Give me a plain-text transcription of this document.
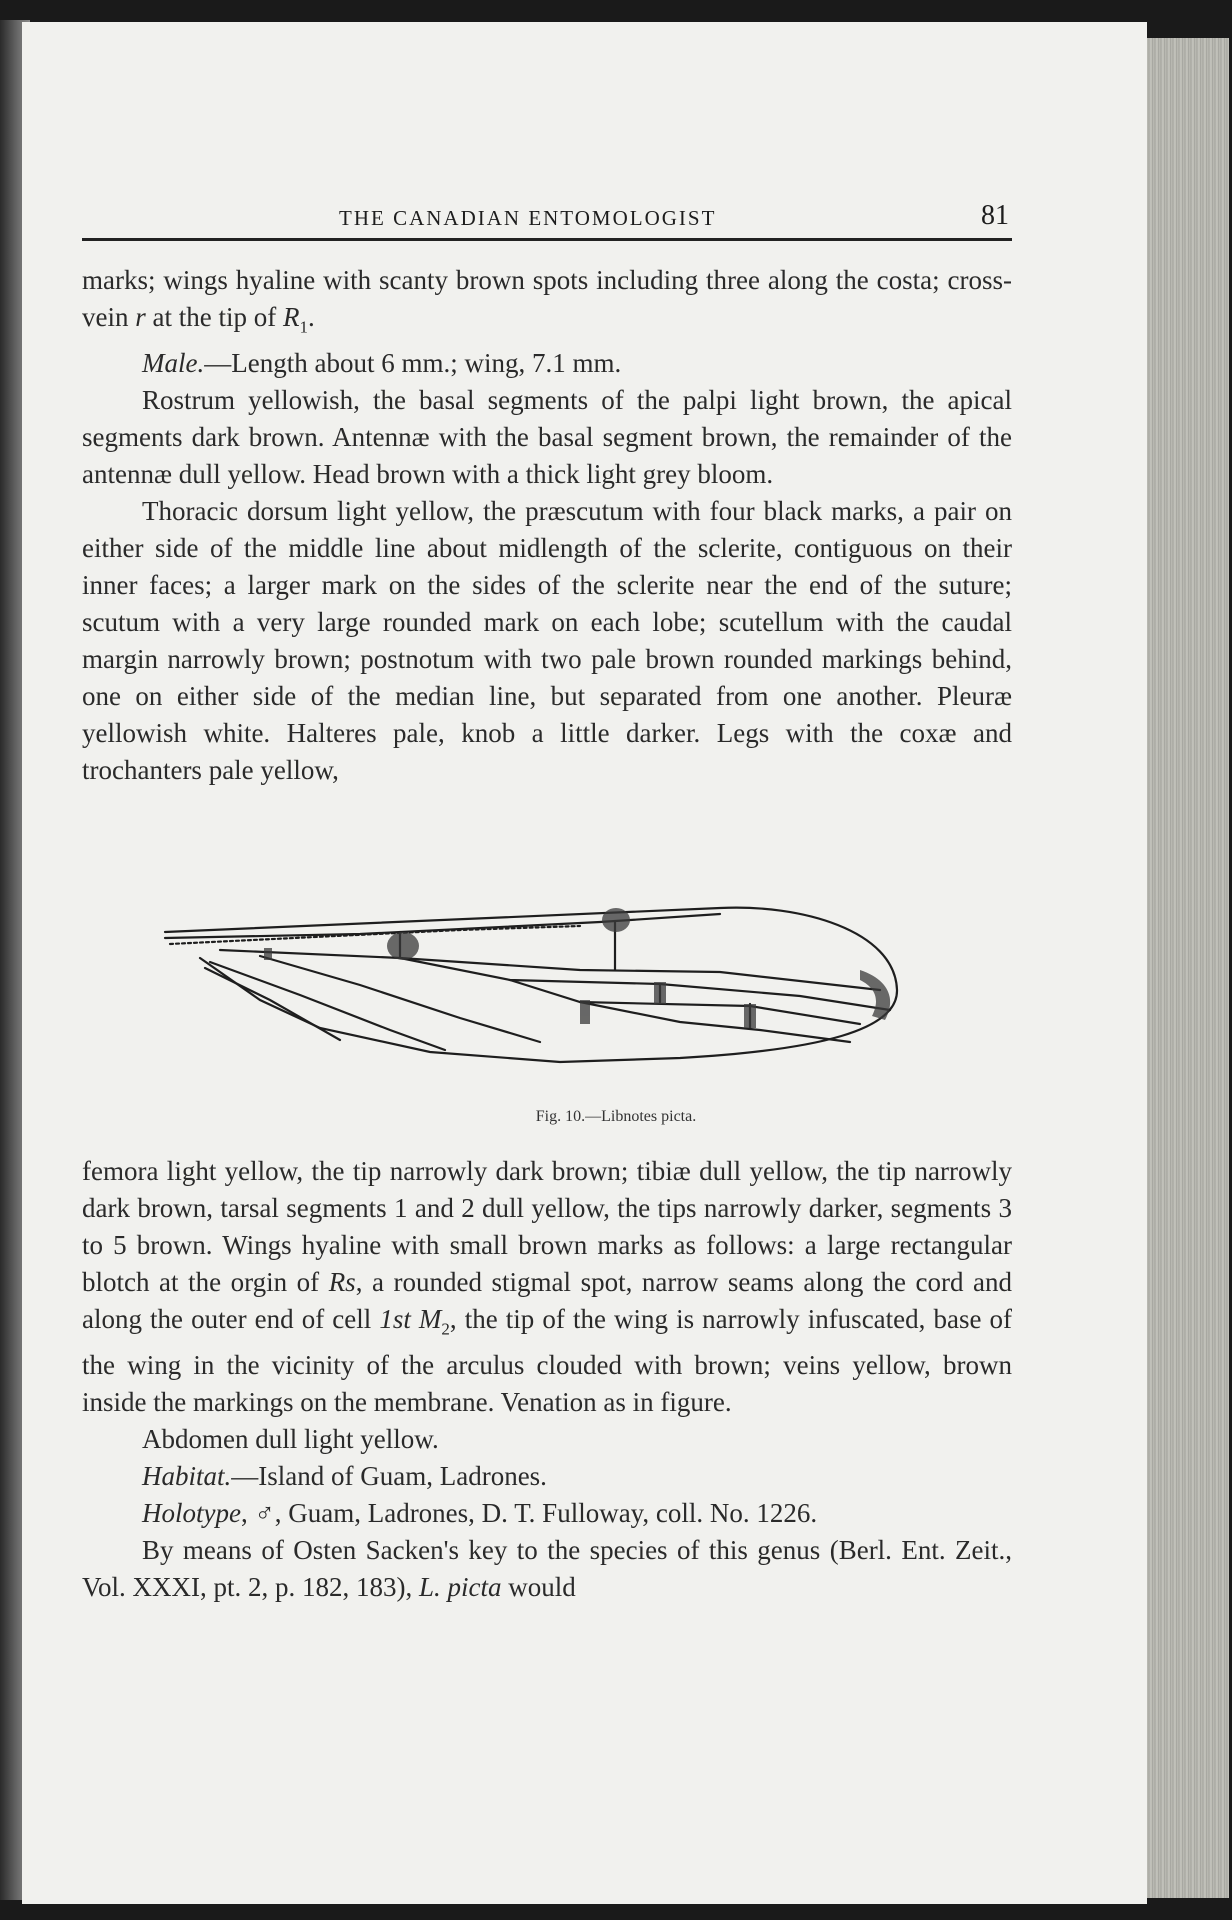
THE CANADIAN ENTOMOLOGIST	81

marks; wings hyaline with scanty brown spots including three along the costa; cross-vein r at the tip of $R_1$.

Male.—Length about 6 mm.; wing, 7.1 mm.

Rostrum yellowish, the basal segments of the palpi light brown, the apical segments dark brown. Antennæ with the basal segment brown, the remainder of the antennæ dull yellow. Head brown with a thick light grey bloom.

Thoracic dorsum light yellow, the præscutum with four black marks, a pair on either side of the middle line about midlength of the sclerite, contiguous on their inner faces; a larger mark on the sides of the sclerite near the end of the suture; scutum with a very large rounded mark on each lobe; scutellum with the caudal margin narrowly brown; postnotum with two pale brown rounded markings behind, one on either side of the median line, but separated from one another. Pleuræ yellowish white. Halteres pale, knob a little darker. Legs with the coxæ and trochanters pale yellow,

Fig. 10.—Libnotes picta.

femora light yellow, the tip narrowly dark brown; tibiæ dull yellow, the tip narrowly dark brown, tarsal segments 1 and 2 dull yellow, the tips narrowly darker, segments 3 to 5 brown. Wings hyaline with small brown marks as follows: a large rectangular blotch at the orgin of Rs, a rounded stigmal spot, narrow seams along the cord and along the outer end of cell 1st $M_2$, the tip of the wing is narrowly infuscated, base of the wing in the vicinity of the arculus clouded with brown; veins yellow, brown inside the markings on the membrane. Venation as in figure.

Abdomen dull light yellow.

Habitat.—Island of Guam, Ladrones.

Holotype, ♂, Guam, Ladrones, D. T. Fulloway, coll. No. 1226.

By means of Osten Sacken's key to the species of this genus (Berl. Ent. Zeit., Vol. XXXI, pt. 2, p. 182, 183), L. picta would
